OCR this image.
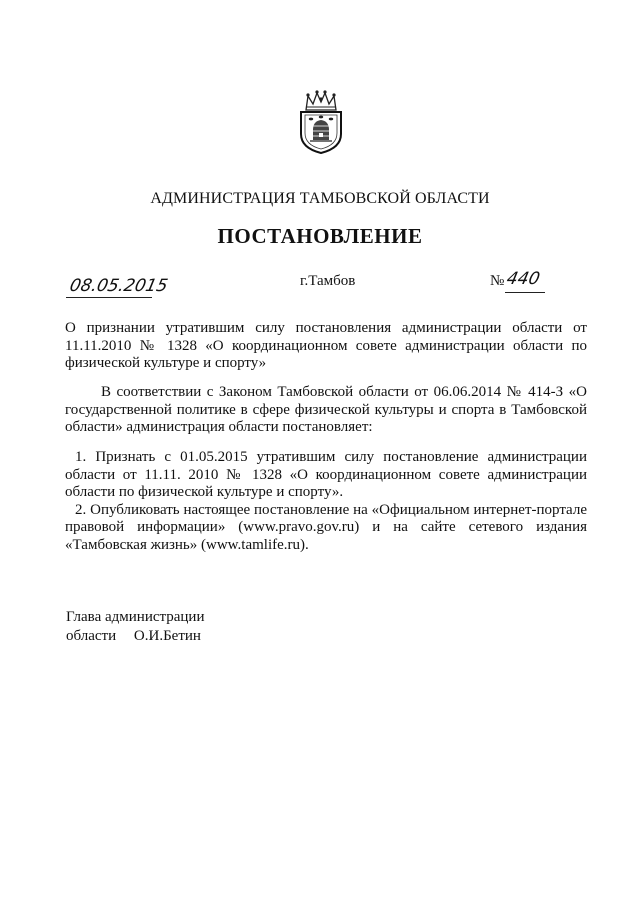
АДМИНИСТРАЦИЯ ТАМБОВСКОЙ ОБЛАСТИ
ПОСТАНОВЛЕНИЕ
08.05.2015	г.Тамбов	№ 440
О признании утратившим силу постановления администрации области от 11.11.2010 № 1328 «О координационном совете администрации области по физической культуре и спорту»
В соответствии с Законом Тамбовской области от 06.06.2014 № 414-З «О государственной политике в сфере физической культуры и спорта в Тамбовской области» администрация области постановляет:

1. Признать с 01.05.2015 утратившим силу постановление администрации области от 11.11. 2010 № 1328 «О координационном совете администрации области по физической культуре и спорту».

2. Опубликовать настоящее постановление на «Официальном интернет-портале правовой информации» (www.pravo.gov.ru) и на сайте сетевого издания «Тамбовская жизнь» (www.tamlife.ru).

Глава администрации
области О.И.Бетин
